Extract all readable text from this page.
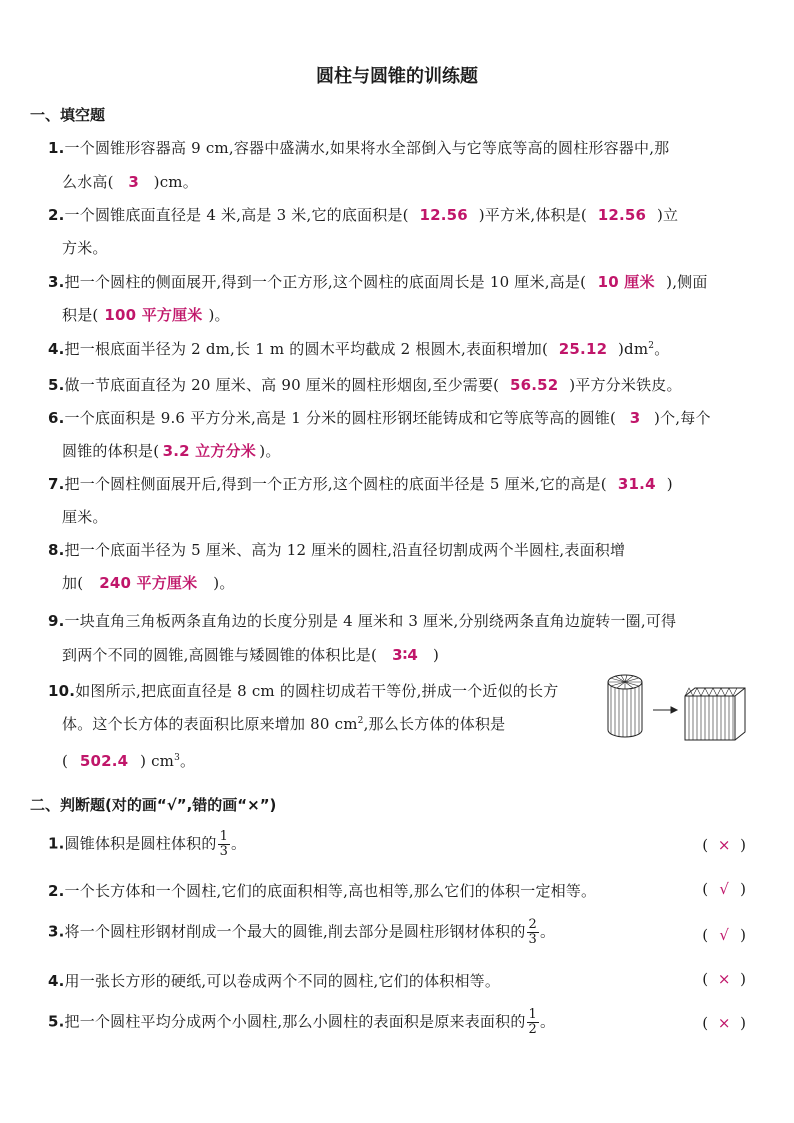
圆柱与圆锥的训练题
一、填空题
1.一个圆锥形容器高 9 cm,容器中盛满水,如果将水全部倒入与它等底等高的圆柱形容器中,那
么水高( 3 )cm。
2.一个圆锥底面直径是 4 米,高是 3 米,它的底面积是( 12.56 )平方米,体积是( 12.56 )立
方米。
3.把一个圆柱的侧面展开,得到一个正方形,这个圆柱的底面周长是 10 厘米,高是( 10 厘米 ),侧面
积是( 100 平方厘米 )。
4.把一根底面半径为 2 dm,长 1 m 的圆木平均截成 2 根圆木,表面积增加( 25.12 )$dm^2$。
5.做一节底面直径为 20 厘米、高 90 厘米的圆柱形烟囱,至少需要( 56.52 )平方分米铁皮。
6.一个底面积是 9.6 平方分米,高是 1 分米的圆柱形钢坯能铸成和它等底等高的圆锥( 3 )个,每个
圆锥的体积是( 3.2 立方分米 )。
7.把一个圆柱侧面展开后,得到一个正方形,这个圆柱的底面半径是 5 厘米,它的高是( 31.4 )
厘米。
8.把一个底面半径为 5 厘米、高为 12 厘米的圆柱,沿直径切割成两个半圆柱,表面积增
加( 240 平方厘米 )。
9.一块直角三角板两条直角边的长度分别是 4 厘米和 3 厘米,分别绕两条直角边旋转一圈,可得
到两个不同的圆锥,高圆锥与矮圆锥的体积比是( 3∶4 )
10.如图所示,把底面直径是 8 cm 的圆柱切成若干等份,拼成一个近似的长方
体。这个长方体的表面积比原来增加 80 $cm^2$,那么长方体的体积是
( 502.4 ) $cm^3$。
二、判断题(对的画“√”,错的画“×”)
1.圆锥体积是圆柱体积的 $\frac{1}{3}$ 。	( × )
2.一个长方体和一个圆柱,它们的底面积相等,高也相等,那么它们的体积一定相等。	( √ )
3.将一个圆柱形钢材削成一个最大的圆锥,削去部分是圆柱形钢材体积的 $\frac{2}{3}$ 。	( √ )
4.用一张长方形的硬纸,可以卷成两个不同的圆柱,它们的体积相等。	( × )
5.把一个圆柱平均分成两个小圆柱,那么小圆柱的表面积是原来表面积的 $\frac{1}{2}$ 。	( × )
